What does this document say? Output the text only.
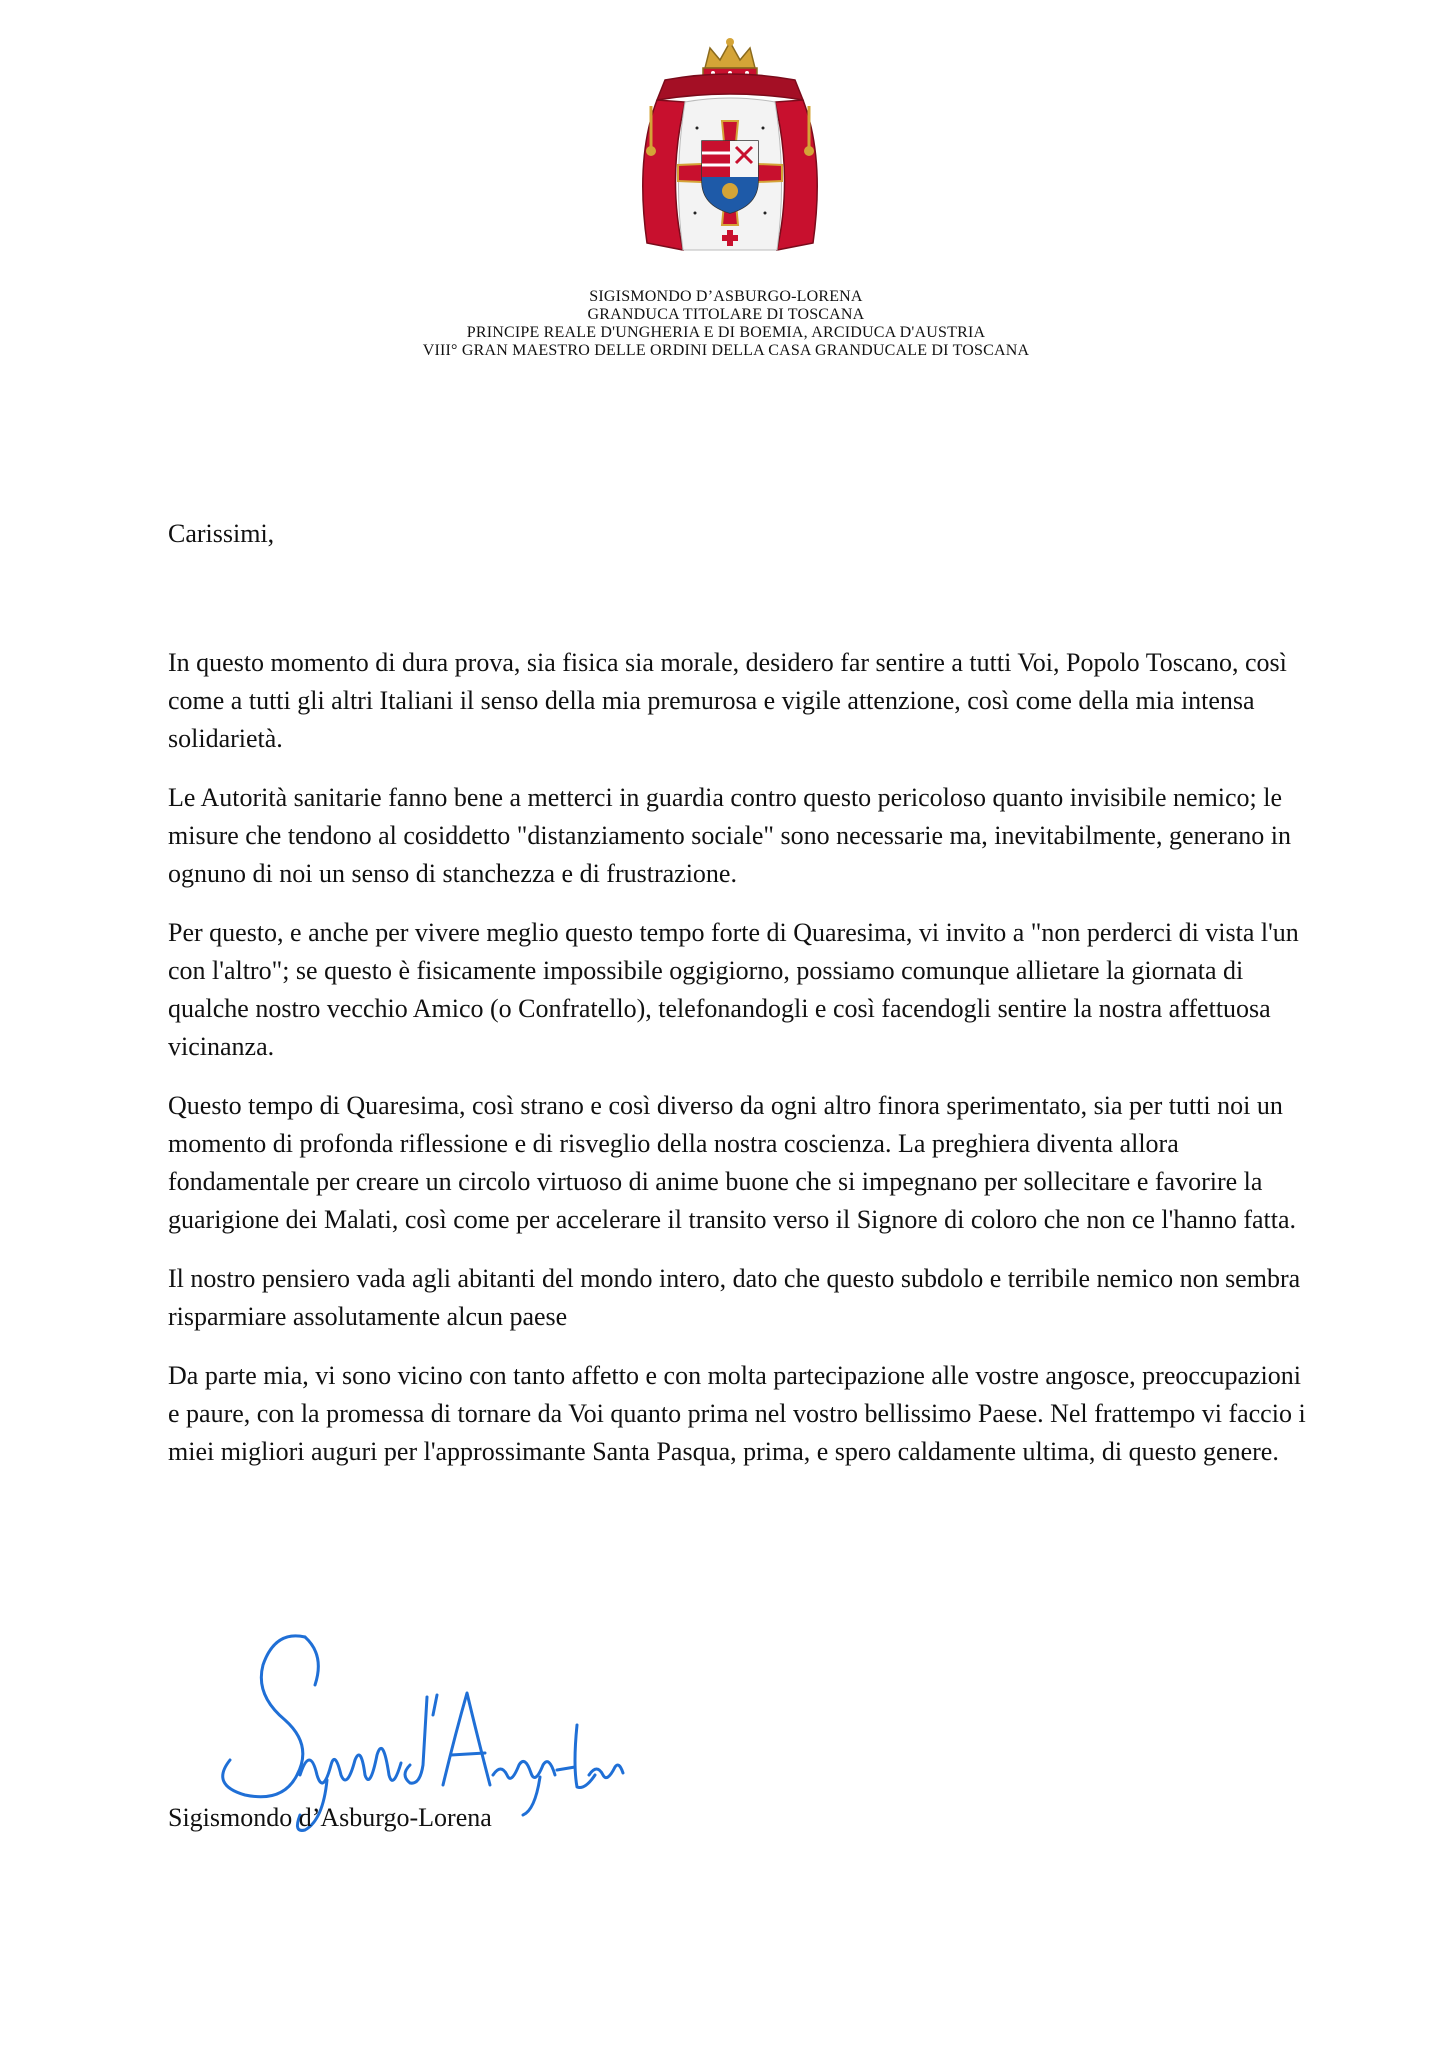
SIGISMONDO D’ASBURGO-LORENA
GRANDUCA TITOLARE DI TOSCANA
PRINCIPE REALE D'UNGHERIA E DI BOEMIA, ARCIDUCA D'AUSTRIA
VIII° GRAN MAESTRO DELLE ORDINI DELLA CASA GRANDUCALE DI TOSCANA
Carissimi,

In questo momento di dura prova, sia fisica sia morale, desidero far sentire a tutti Voi, Popolo Toscano, così come a tutti gli altri Italiani il senso della mia premurosa e vigile attenzione, così come della mia intensa solidarietà.

Le Autorità sanitarie fanno bene a metterci in guardia contro questo pericoloso quanto invisibile nemico; le misure che tendono al cosiddetto "distanziamento sociale" sono necessarie ma, inevitabilmente, generano in ognuno di noi un senso di stanchezza e di frustrazione.

Per questo, e anche per vivere meglio questo tempo forte di Quaresima, vi invito a "non perderci di vista l'un con l'altro"; se questo è fisicamente impossibile oggigiorno, possiamo comunque allietare la giornata di qualche nostro vecchio Amico (o Confratello), telefonandogli e così facendogli sentire la nostra affettuosa vicinanza.

Questo tempo di Quaresima, così strano e così diverso da ogni altro finora sperimentato, sia per tutti noi un momento di profonda riflessione e di risveglio della nostra coscienza. La preghiera diventa allora fondamentale per creare un circolo virtuoso di anime buone che si impegnano per sollecitare e favorire la guarigione dei Malati, così come per accelerare il transito verso il Signore di coloro che non ce l'hanno fatta.

Il nostro pensiero vada agli abitanti del mondo intero, dato che questo subdolo e terribile nemico non sembra risparmiare assolutamente alcun paese

Da parte mia, vi sono vicino con tanto affetto e con molta partecipazione alle vostre angosce, preoccupazioni e paure, con la promessa di tornare da Voi quanto prima nel vostro bellissimo Paese. Nel frattempo vi faccio i miei migliori auguri per l'approssimante Santa Pasqua, prima, e spero caldamente ultima, di questo genere.

Sigismondo d’Asburgo-Lorena
